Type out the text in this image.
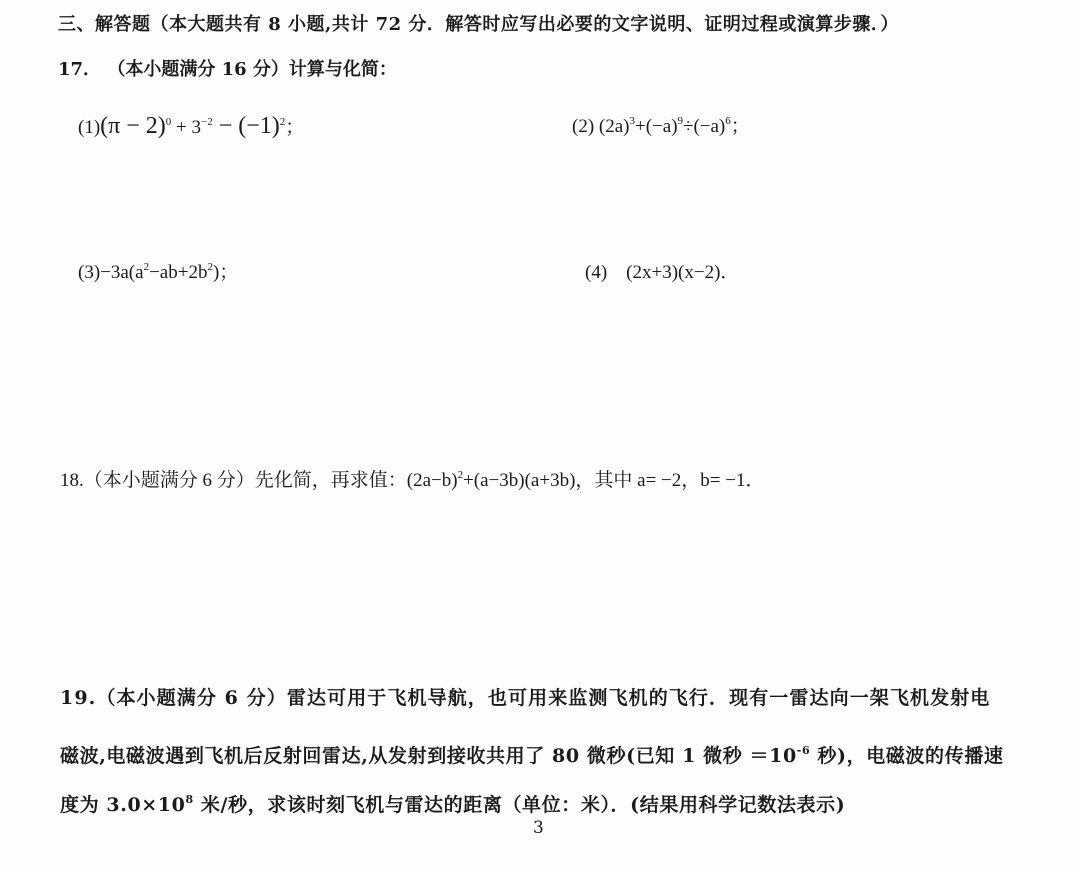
三、解答题（本大题共有 8 小题,共计 72 分．解答时应写出必要的文字说明、证明过程或演算步骤．）
17． （本小题满分 16 分）计算与化简：
$(1)(\pi - 2)^0 + 3^{-2} - (-1)^2$；	(2) $(2a)^3+(-a)^9\div(-a)^6$；
$(3)-3a(a^2-ab+2b^2)$；	(4)　(2x+3)(x−2)．
18.（本小题满分 6 分）先化简，再求值：$(2a-b)^2+(a-3b)(a+3b)$，其中 a= −2，b= −1．
19.（本小题满分 6 分）雷达可用于飞机导航，也可用来监测飞机的飞行．现有一雷达向一架飞机发射电
磁波,电磁波遇到飞机后反射回雷达,从发射到接收共用了 80 微秒(已知 1 微秒 $=10^{-6}$ 秒)，电磁波的传播速
度为 $3.0\times 10^8$ 米/秒，求该时刻飞机与雷达的距离（单位：米）．(结果用科学记数法表示)
3
